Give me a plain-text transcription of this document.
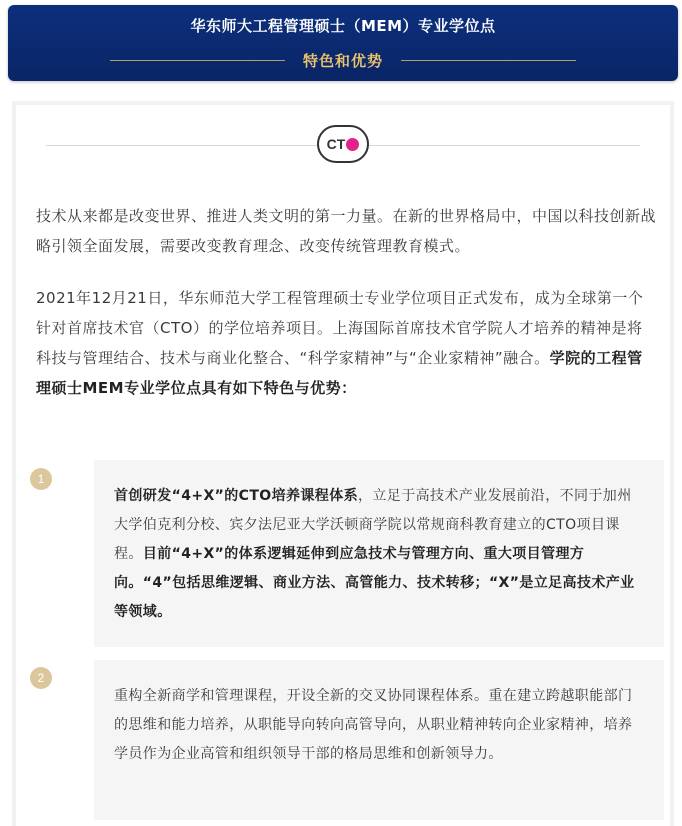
华东师大工程管理硕士（MEM）专业学位点
特色和优势
C T

技术从来都是改变世界、推进人类文明的第一力量。在新的世界格局中，中国以科技创新战略引领全面发展，需要改变教育理念、改变传统管理教育模式。

2021年12月21日，华东师范大学工程管理硕士专业学位项目正式发布，成为全球第一个针对首席技术官（CTO）的学位培养项目。上海国际首席技术官学院人才培养的精神是将科技与管理结合、技术与商业化整合、“科学家精神”与“企业家精神”融合。学院的工程管理硕士MEM专业学位点具有如下特色与优势：

1

首创研发“4+X”的CTO培养课程体系，立足于高技术产业发展前沿，不同于加州大学伯克利分校、宾夕法尼亚大学沃顿商学院以常规商科教育建立的CTO项目课程。目前“4+X”的体系逻辑延伸到应急技术与管理方向、重大项目管理方向。“4”包括思维逻辑、商业方法、高管能力、技术转移；“X”是立足高技术产业等领域。

2

重构全新商学和管理课程，开设全新的交叉协同课程体系。重在建立跨越职能部门的思维和能力培养，从职能导向转向高管导向，从职业精神转向企业家精神，培养学员作为企业高管和组织领导干部的格局思维和创新领导力。
